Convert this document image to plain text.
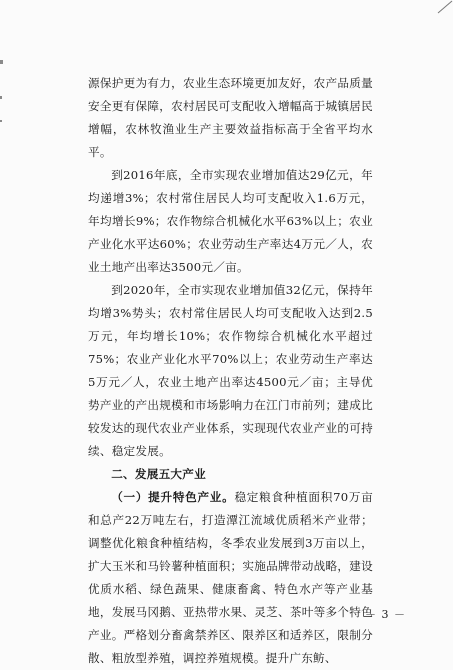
源保护更为有力，农业生态环境更加友好，农产品质量安全更有保障，农村居民可支配收入增幅高于城镇居民增幅，农林牧渔业生产主要效益指标高于全省平均水平。

到2016年底，全市实现农业增加值达29亿元，年均递增3%；农村常住居民人均可支配收入1.6万元，年均增长9%；农作物综合机械化水平63%以上；农业产业化水平达60%；农业劳动生产率达4万元／人，农业土地产出率达3500元／亩。

到2020年，全市实现农业增加值32亿元，保持年均增3%势头；农村常住居民人均可支配收入达到2.5万元，年均增长10%；农作物综合机械化水平超过75%；农业产业化水平70%以上；农业劳动生产率达5万元／人，农业土地产出率达4500元／亩；主导优势产业的产出规模和市场影响力在江门市前列；建成比较发达的现代农业产业体系，实现现代农业产业的可持续、稳定发展。

二、发展五大产业

（一）提升特色产业。稳定粮食种植面积70万亩和总产22万吨左右，打造潭江流域优质稻米产业带；调整优化粮食种植结构，冬季农业发展到3万亩以上，扩大玉米和马铃薯种植面积；实施品牌带动战略，建设优质水稻、绿色蔬果、健康畜禽、特色水产等产业基地，发展马冈鹅、亚热带水果、灵芝、茶叶等多个特色产业。严格划分畜禽禁养区、限养区和适养区，限制分散、粗放型养殖，调控养殖规模。提升广东鲂、

－ 3 －
